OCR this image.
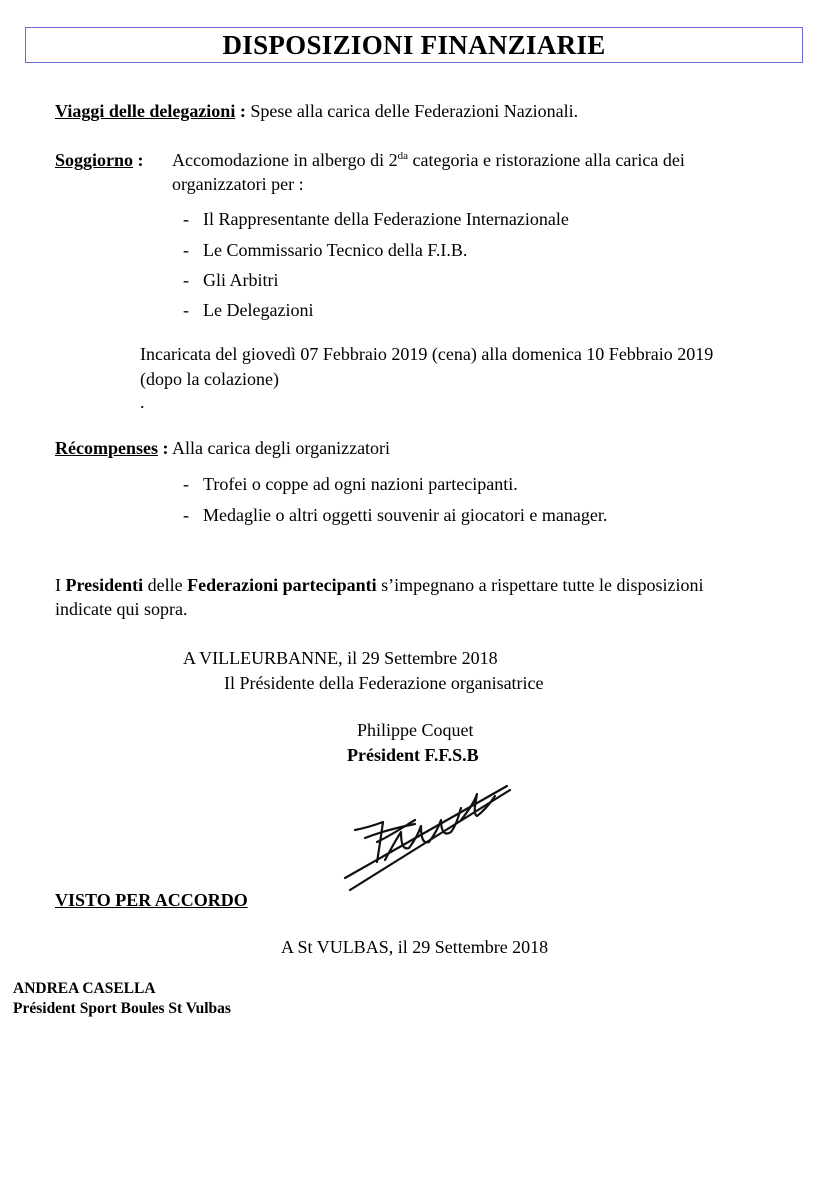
DISPOSIZIONI FINANZIARIE
Viaggi delle delegazioni : Spese alla carica delle Federazioni Nazionali.
Soggiorno : Accomodazione in albergo di $2^{da}$ categoria e ristorazione alla carica dei
organizzatori per :
- Il Rappresentante della Federazione Internazionale
- Le Commissario Tecnico della F.I.B.
- Gli Arbitri
- Le Delegazioni
Incaricata del giovedì 07 Febbraio 2019 (cena) alla domenica 10 Febbraio 2019
(dopo la colazione)
.
Récompenses : Alla carica degli organizzatori
- Trofei o coppe ad ogni nazioni partecipanti.
- Medaglie o altri oggetti souvenir ai giocatori e manager.
I Presidenti delle Federazioni partecipanti s’impegnano a rispettare tutte le disposizioni
indicate qui sopra.
A VILLEURBANNE, il 29 Settembre 2018
Il Présidente della Federazione organisatrice
Philippe Coquet
Président F.F.S.B
VISTO PER ACCORDO
A St VULBAS, il 29 Settembre 2018
ANDREA CASELLA
Président Sport Boules St Vulbas
